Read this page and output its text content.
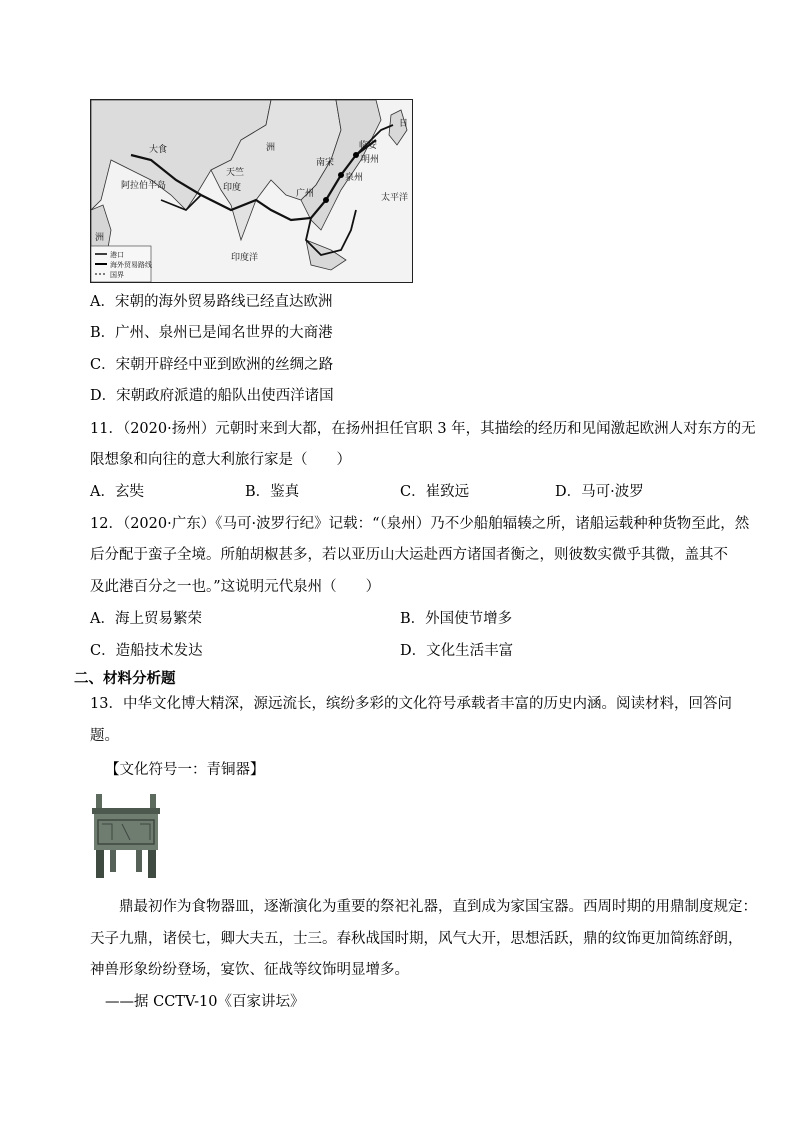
大食
阿拉伯半岛
天竺
印度
印度洋
南宋
临安
明州
泉州
广州
日
太平洋
洲
洲
港口
海外贸易路线
国界
A．宋朝的海外贸易路线已经直达欧洲
B．广州、泉州已是闻名世界的大商港
C．宋朝开辟经中亚到欧洲的丝绸之路
D．宋朝政府派遣的船队出使西洋诸国
11．（2020·扬州）元朝时来到大都，在扬州担任官职 3 年，其描绘的经历和见闻激起欧洲人对东方的无
限想象和向往的意大利旅行家是（　　）
A．玄奘	B．鉴真	C．崔致远	D．马可·波罗
12．（2020·广东）《马可·波罗行纪》记载：“（泉州）乃不少船舶辐辏之所，诸船运载种种货物至此，然
后分配于蛮子全境。所舶胡椒甚多，若以亚历山大运赴西方诸国者衡之，则彼数实微乎其微，盖其不
及此港百分之一也。”这说明元代泉州（　　）
A．海上贸易繁荣	B．外国使节增多
C．造船技术发达	D．文化生活丰富
二、材料分析题
13．中华文化博大精深，源远流长，缤纷多彩的文化符号承载者丰富的历史内涵。阅读材料，回答问
题。
【文化符号一：青铜器】
鼎最初作为食物器皿，逐渐演化为重要的祭祀礼器，直到成为家国宝器。西周时期的用鼎制度规定：
天子九鼎，诸侯七，卿大夫五，士三。春秋战国时期，风气大开，思想活跃，鼎的纹饰更加简练舒朗，
神兽形象纷纷登场，宴饮、征战等纹饰明显增多。
——据 CCTV-10《百家讲坛》
